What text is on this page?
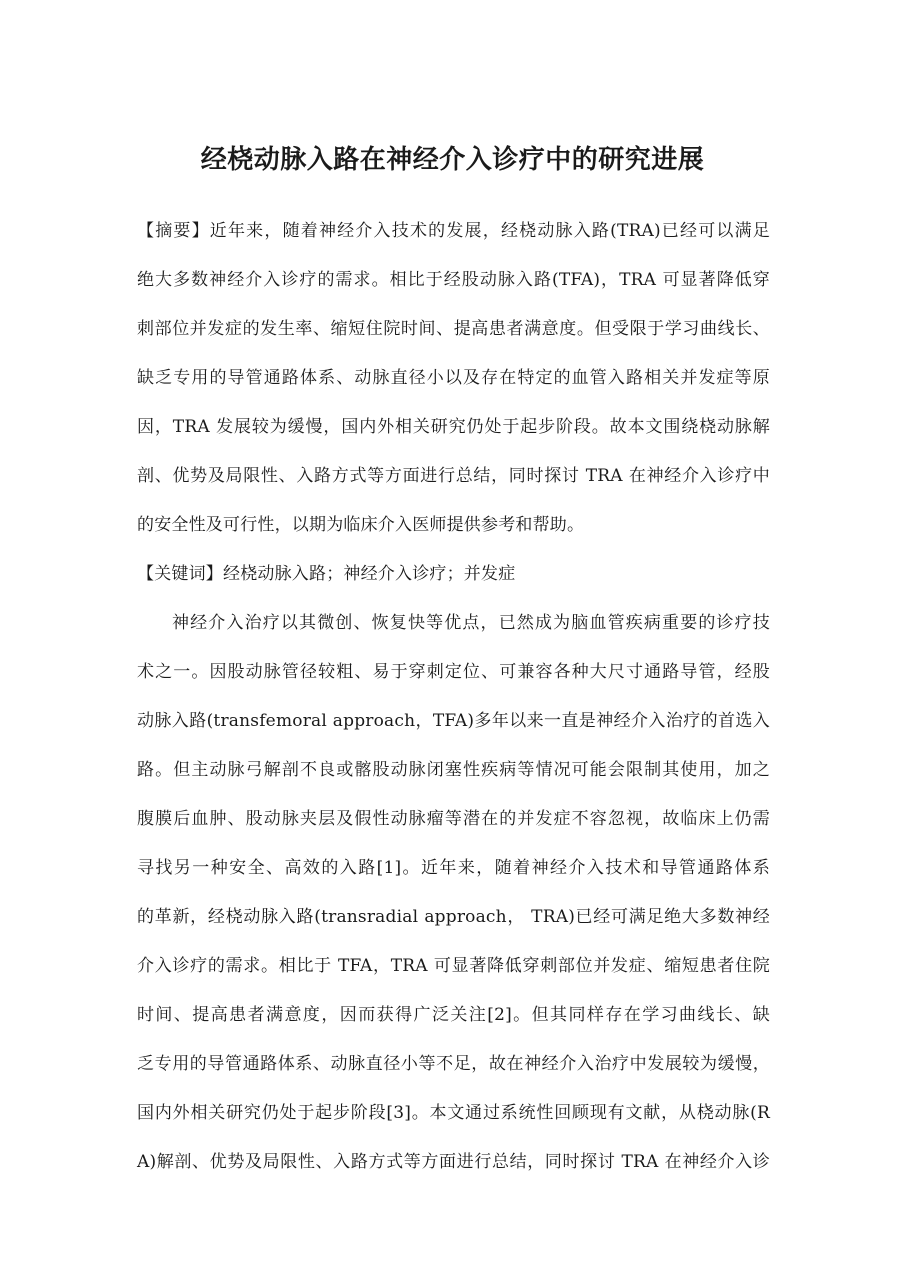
经桡动脉入路在神经介入诊疗中的研究进展
【摘要】近年来，随着神经介入技术的发展，经桡动脉入路(TRA)已经可以满足
绝大多数神经介入诊疗的需求。相比于经股动脉入路(TFA)，TRA 可显著降低穿
刺部位并发症的发生率、缩短住院时间、提高患者满意度。但受限于学习曲线长、
缺乏专用的导管通路体系、动脉直径小以及存在特定的血管入路相关并发症等原
因，TRA 发展较为缓慢，国内外相关研究仍处于起步阶段。故本文围绕桡动脉解
剖、优势及局限性、入路方式等方面进行总结，同时探讨 TRA 在神经介入诊疗中
的安全性及可行性，以期为临床介入医师提供参考和帮助。
【关键词】经桡动脉入路；神经介入诊疗；并发症
神经介入治疗以其微创、恢复快等优点，已然成为脑血管疾病重要的诊疗技
术之一。因股动脉管径较粗、易于穿刺定位、可兼容各种大尺寸通路导管，经股
动脉入路(transfemoral approach，TFA)多年以来一直是神经介入治疗的首选入
路。但主动脉弓解剖不良或髂股动脉闭塞性疾病等情况可能会限制其使用，加之
腹膜后血肿、股动脉夹层及假性动脉瘤等潜在的并发症不容忽视，故临床上仍需
寻找另一种安全、高效的入路[1]。近年来，随着神经介入技术和导管通路体系
的革新，经桡动脉入路(transradial approach， TRA)已经可满足绝大多数神经
介入诊疗的需求。相比于 TFA，TRA 可显著降低穿刺部位并发症、缩短患者住院
时间、提高患者满意度，因而获得广泛关注[2]。但其同样存在学习曲线长、缺
乏专用的导管通路体系、动脉直径小等不足，故在神经介入治疗中发展较为缓慢，
国内外相关研究仍处于起步阶段[3]。本文通过系统性回顾现有文献，从桡动脉(R
A)解剖、优势及局限性、入路方式等方面进行总结，同时探讨 TRA 在神经介入诊
